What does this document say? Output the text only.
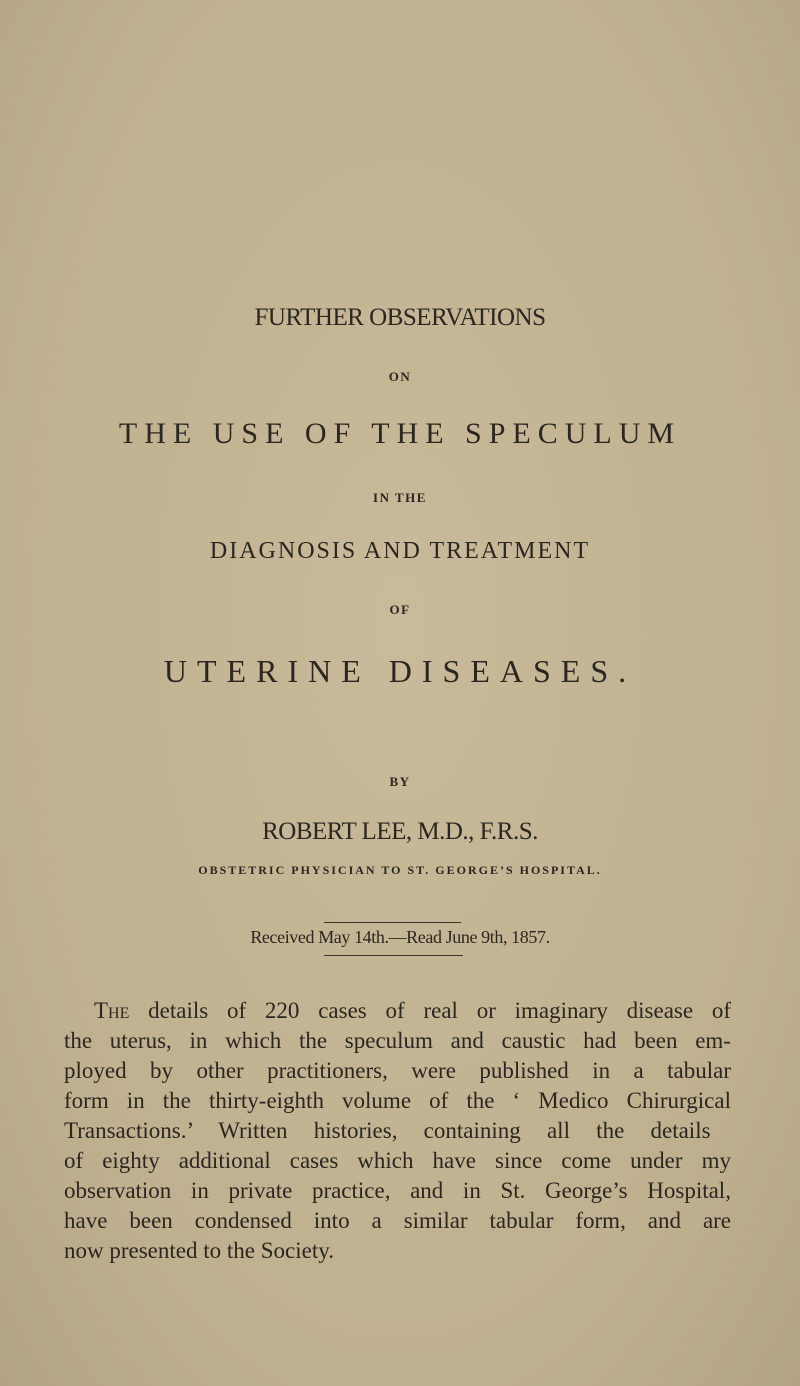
FURTHER OBSERVATIONS
ON
THE USE OF THE SPECULUM
IN THE
DIAGNOSIS AND TREATMENT
OF
UTERINE DISEASES.
BY
ROBERT LEE, M.D., F.R.S.
OBSTETRIC PHYSICIAN TO ST. GEORGE’S HOSPITAL.
Received May 14th.—Read June 9th, 1857.
The details of 220 cases of real or imaginary disease of
the uterus, in which the speculum and caustic had been em-
ployed by other practitioners, were published in a tabular
form in the thirty-eighth volume of the ‘ Medico Chirurgical
Transactions.’ Written histories, containing all the details
of eighty additional cases which have since come under my
observation in private practice, and in St. George’s Hospital,
have been condensed into a similar tabular form, and are
now presented to the Society.
